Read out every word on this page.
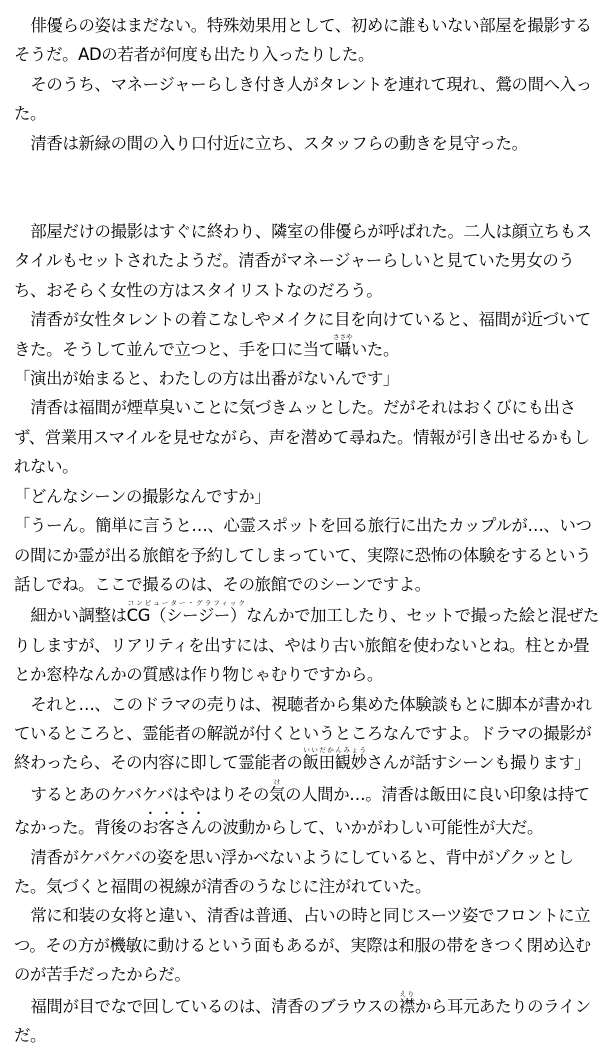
俳優らの姿はまだない。特殊効果用として、初めに誰もいない部屋を撮影するそうだ。ADの若者が何度も出たり入ったりした。

そのうち、マネージャーらしき付き人がタレントを連れて現れ、鶯の間へ入った。

清香は新緑の間の入り口付近に立ち、スタッフらの動きを見守った。

部屋だけの撮影はすぐに終わり、隣室の俳優らが呼ばれた。二人は顔立ちもスタイルもセットされたようだ。清香がマネージャーらしいと見ていた男女のうち、おそらく女性の方はスタイリストなのだろう。

清香が女性タレントの着こなしやメイクに目を向けていると、福間が近づいてきた。そうして並んで立つと、手を口に当て囁ささやいた。

「演出が始まると、わたしの方は出番がないんです」

清香は福間が煙草臭いことに気づきムッとした。だがそれはおくびにも出さず、営業用スマイルを見せながら、声を潜めて尋ねた。情報が引き出せるかもしれない。

「どんなシーンの撮影なんですか」

「うーん。簡単に言うと…、心霊スポットを回る旅行に出たカップルが…、いつの間にか霊が出る旅館を予約してしまっていて、実際に恐怖の体験をするという話しでね。ここで撮るのは、その旅館でのシーンですよ。

細かい調整はCG（シージー）コンピューター・グラフィックなんかで加工したり、セットで撮った絵と混ぜたりしますが、リアリティを出すには、やはり古い旅館を使わないとね。柱とか畳とか窓枠なんかの質感は作り物じゃむりですから。

それと…、このドラマの売りは、視聴者から集めた体験談もとに脚本が書かれているところと、霊能者の解説が付くというところなんですよ。ドラマの撮影が終わったら、その内容に即して霊能者の飯田観妙いいだかんみょうさんが話すシーンも撮ります」

するとあのケバケバはやはりその気けの人間か…。清香は飯田に良い印象は持てなかった。背後のお客さんの波動からして、いかがわしい可能性が大だ。

清香がケバケバの姿を思い浮かべないようにしていると、背中がゾクッとした。気づくと福間の視線が清香のうなじに注がれていた。

常に和装の女将と違い、清香は普通、占いの時と同じスーツ姿でフロントに立つ。その方が機敏に動けるという面もあるが、実際は和服の帯をきつく閉め込むのが苦手だったからだ。

福間が目でなで回しているのは、清香のブラウスの襟えりから耳元あたりのラインだ。
